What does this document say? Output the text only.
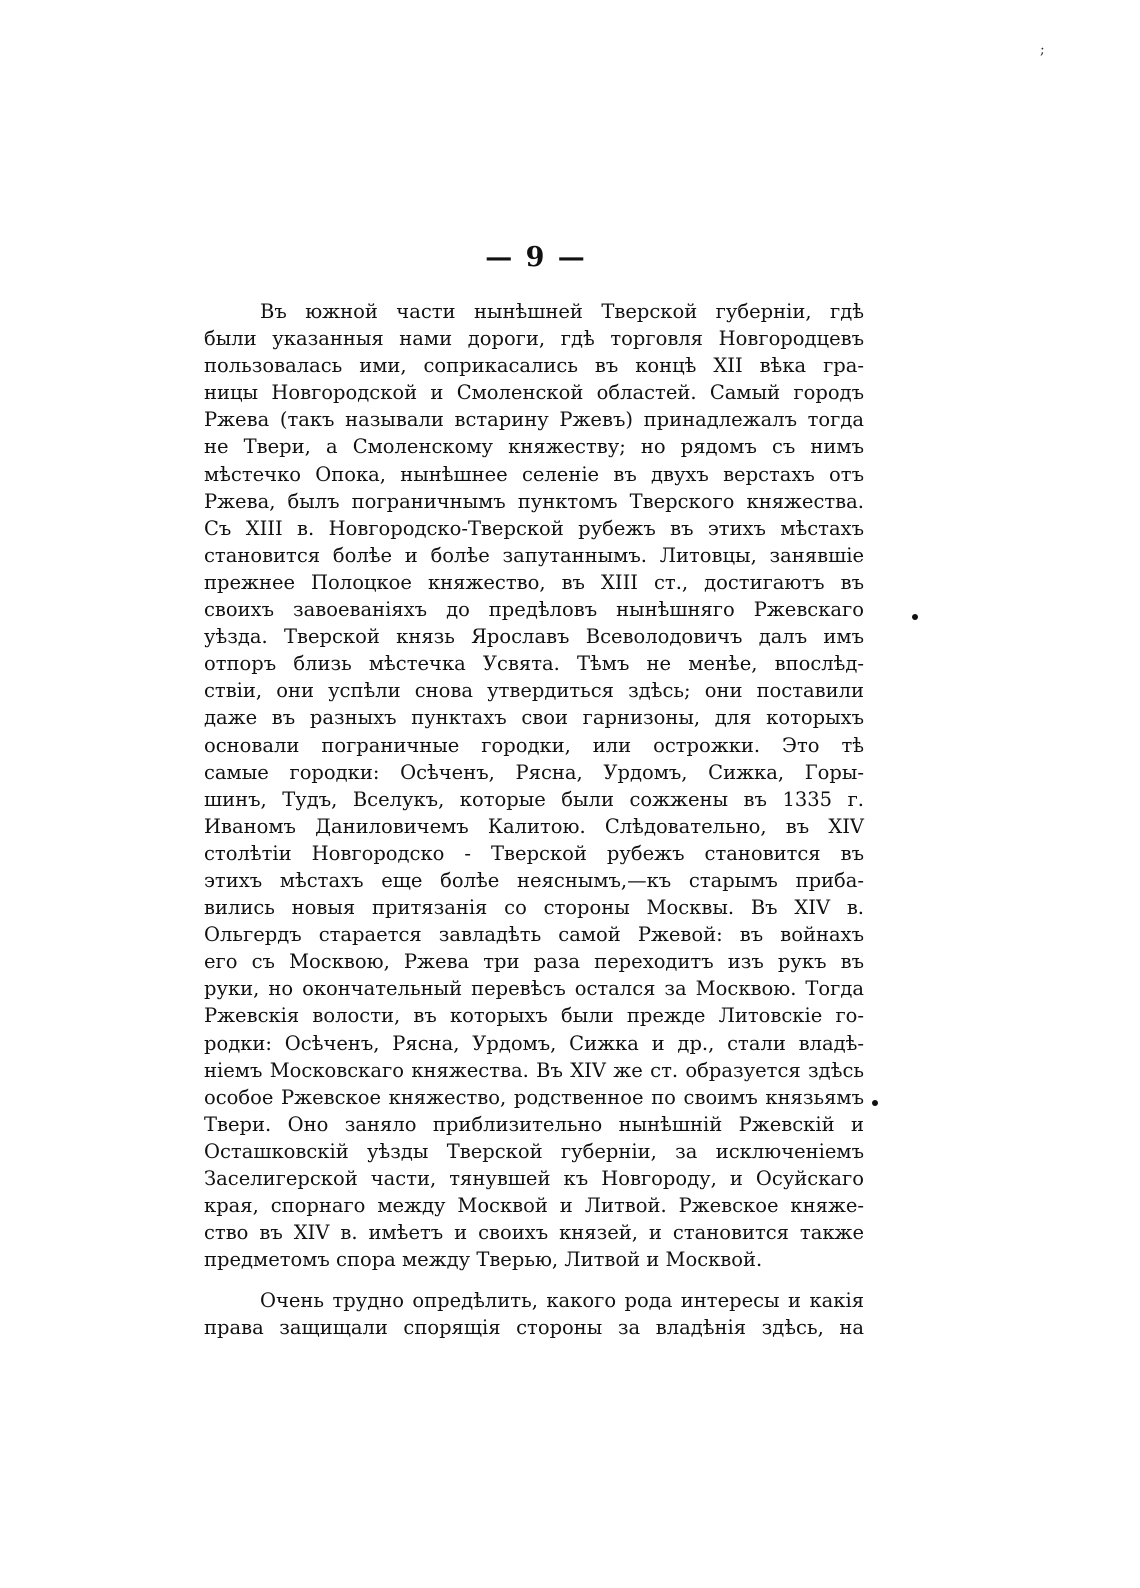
;
— 9 —
Въ южной части нынѣшней Тверской губерніи, гдѣ
были указанныя нами дороги, гдѣ торговля Новгородцевъ
пользовалась ими, соприкасались въ концѣ XII вѣка гра-
ницы Новгородской и Смоленской областей. Самый городъ
Ржева (такъ называли встарину Ржевъ) принадлежалъ тогда
не Твери, а Смоленскому княжеству; но рядомъ съ нимъ
мѣстечко Опока, нынѣшнее селеніе въ двухъ верстахъ отъ
Ржева, былъ пограничнымъ пунктомъ Тверского княжества.
Съ XIII в. Новгородско-Тверской рубежъ въ этихъ мѣстахъ
становится болѣе и болѣе запутаннымъ. Литовцы, занявшіе
прежнее Полоцкое княжество, въ XIII ст., достигаютъ въ
своихъ завоеваніяхъ до предѣловъ нынѣшняго Ржевскаго
уѣзда. Тверской князь Ярославъ Всеволодовичъ далъ имъ
отпоръ близь мѣстечка Усвята. Тѣмъ не менѣе, впослѣд-
ствіи, они успѣли снова утвердиться здѣсь; они поставили
даже въ разныхъ пунктахъ свои гарнизоны, для которыхъ
основали пограничные городки, или острожки. Это тѣ
самые городки: Осѣченъ, Рясна, Урдомъ, Сижка, Горы-
шинъ, Тудъ, Вселукъ, которые были сожжены въ 1335 г.
Иваномъ Даниловичемъ Калитою. Слѣдовательно, въ XIV
столѣтіи Новгородско - Тверской рубежъ становится въ
этихъ мѣстахъ еще болѣе неяснымъ,—къ старымъ прибa-
вились новыя притязанія со стороны Москвы. Въ XIV в.
Ольгердъ старается завладѣть самой Ржевой: въ войнахъ
его съ Москвою, Ржева три раза переходитъ изъ рукъ въ
руки, но окончательный перевѣсъ остался за Москвою. Тогда
Ржевскія волости, въ которыхъ были прежде Литовскіе го-
родки: Осѣченъ, Рясна, Урдомъ, Сижка и др., стали владѣ-
ніемъ Московскаго княжества. Въ XIV же ст. образуется здѣсь
особое Ржевское княжество, родственное по своимъ князьямъ
Твери. Оно заняло приблизительно нынѣшній Ржевскій и
Осташковскій уѣзды Тверской губерніи, за исключеніемъ
Заселигерской части, тянувшей къ Новгороду, и Осуйскаго
края, спорнаго между Москвой и Литвой. Ржевское княже-
ство въ XIV в. имѣетъ и своихъ князей, и становится также
предметомъ спора между Тверью, Литвой и Москвой.
Очень трудно опредѣлить, какого рода интересы и какія
права защищали спорящія стороны за владѣнія здѣсь, на
